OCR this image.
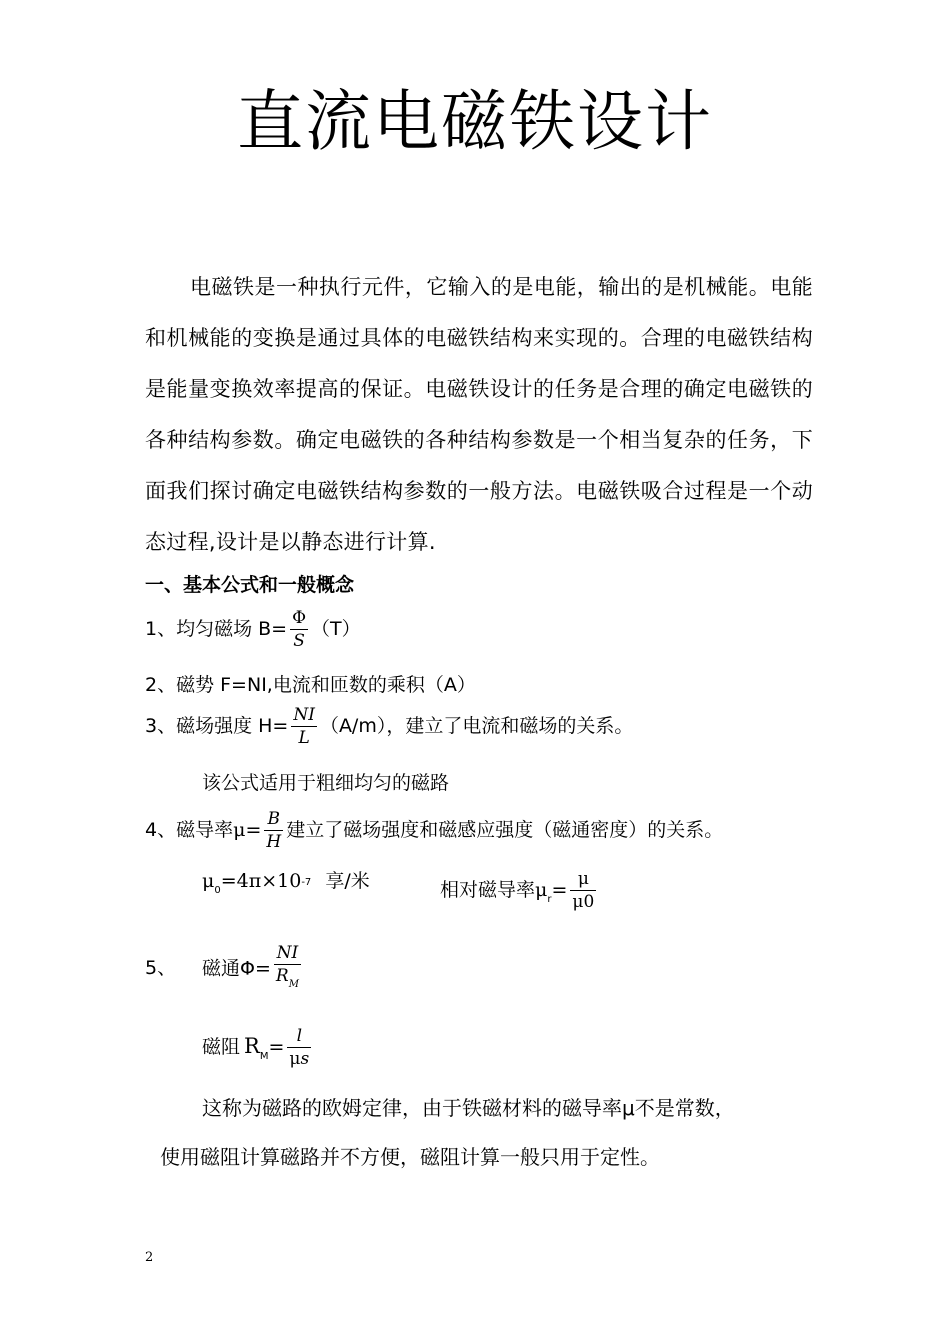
直流电磁铁设计

电磁铁是一种执行元件，它输入的是电能，输出的是机械能。电能和机械能的变换是通过具体的电磁铁结构来实现的。合理的电磁铁结构是能量变换效率提高的保证。电磁铁设计的任务是合理的确定电磁铁的各种结构参数。确定电磁铁的各种结构参数是一个相当复杂的任务，下面我们探讨确定电磁铁结构参数的一般方法。电磁铁吸合过程是一个动态过程,设计是以静态进行计算.

一、基本公式和一般概念
1、均匀磁场 $B= \frac{\Phi}{S} (T)$
2、磁势 F=NI,电流和匝数的乘积（A）
3、磁场强度 $H= \frac{NI}{L} (A/m)$，建立了电流和磁场的关系。
该公式适用于粗细均匀的磁路
4、磁导率$\mu= \frac{B}{H}$ 建立了磁场强度和磁感应强度（磁通密度）的关系。
$\mu_0=4\pi\times 10^{-7}$ 享/米	相对磁导率$\mu_r= \frac{\mu}{\mu 0}$
5、 磁通$\Phi= \frac{NI}{R_M}$
磁阻 $R_M= \frac{l}{\mu s}$
这称为磁路的欧姆定律，由于铁磁材料的磁导率μ不是常数，
使用磁阻计算磁路并不方便，磁阻计算一般只用于定性。
2
